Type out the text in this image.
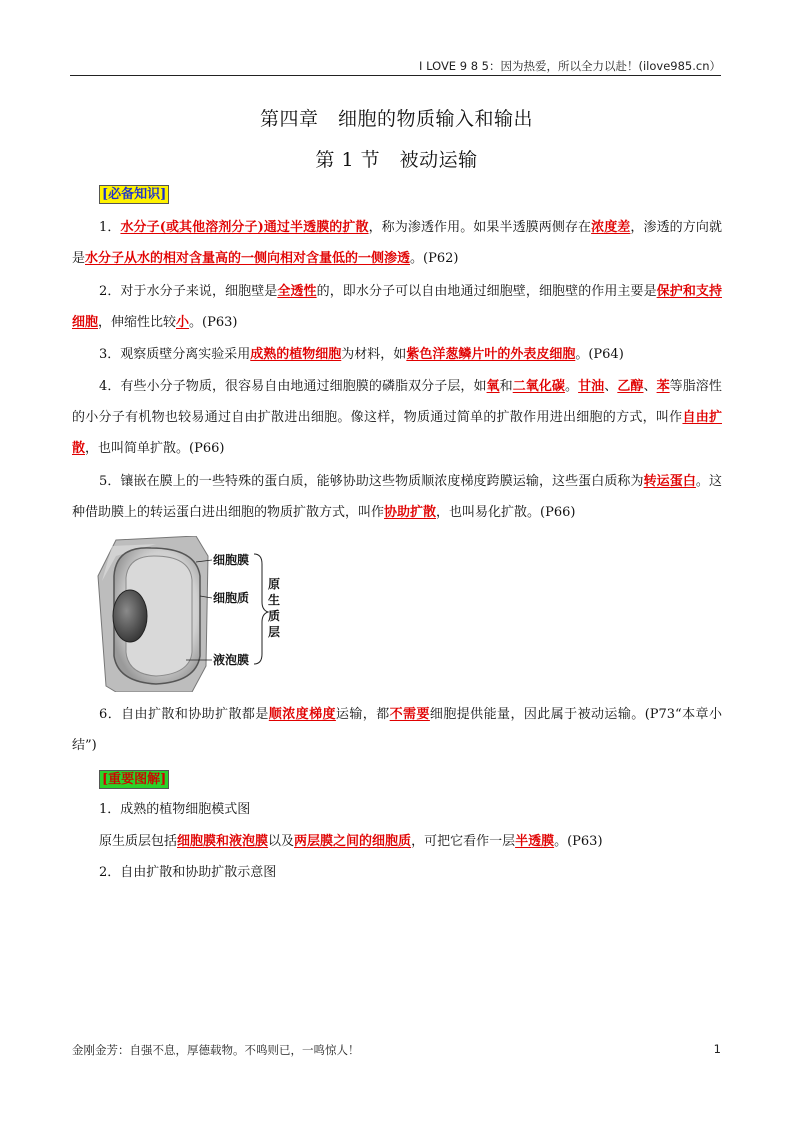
I LOVE 9 8 5：因为热爱，所以全力以赴！(ilove985.cn）
第四章　细胞的物质输入和输出
第 1 节　被动运输
[必备知识]
1．水分子(或其他溶剂分子)通过半透膜的扩散，称为渗透作用。如果半透膜两侧存在浓度差，渗透的方向就是水分子从水的相对含量高的一侧向相对含量低的一侧渗透。(P62)
2．对于水分子来说，细胞壁是全透性的，即水分子可以自由地通过细胞壁，细胞壁的作用主要是保护和支持细胞，伸缩性比较小。(P63)
3．观察质壁分离实验采用成熟的植物细胞为材料，如紫色洋葱鳞片叶的外表皮细胞。(P64)
4．有些小分子物质，很容易自由地通过细胞膜的磷脂双分子层，如氧和二氧化碳。甘油、乙醇、苯等脂溶性的小分子有机物也较易通过自由扩散进出细胞。像这样，物质通过简单的扩散作用进出细胞的方式，叫作自由扩散，也叫简单扩散。(P66)
5．镶嵌在膜上的一些特殊的蛋白质，能够协助这些物质顺浓度梯度跨膜运输，这些蛋白质称为转运蛋白。这种借助膜上的转运蛋白进出细胞的物质扩散方式，叫作协助扩散，也叫易化扩散。(P66)
细胞膜
细胞质
液泡膜
原
生
质
层
6．自由扩散和协助扩散都是顺浓度梯度运输，都不需要细胞提供能量，因此属于被动运输。(P73“本章小结”)
[重要图解]
1．成熟的植物细胞模式图
原生质层包括细胞膜和液泡膜以及两层膜之间的细胞质，可把它看作一层半透膜。(P63)
2．自由扩散和协助扩散示意图
金刚金芳：自强不息，厚德载物。不鸣则已，一鸣惊人！	1
